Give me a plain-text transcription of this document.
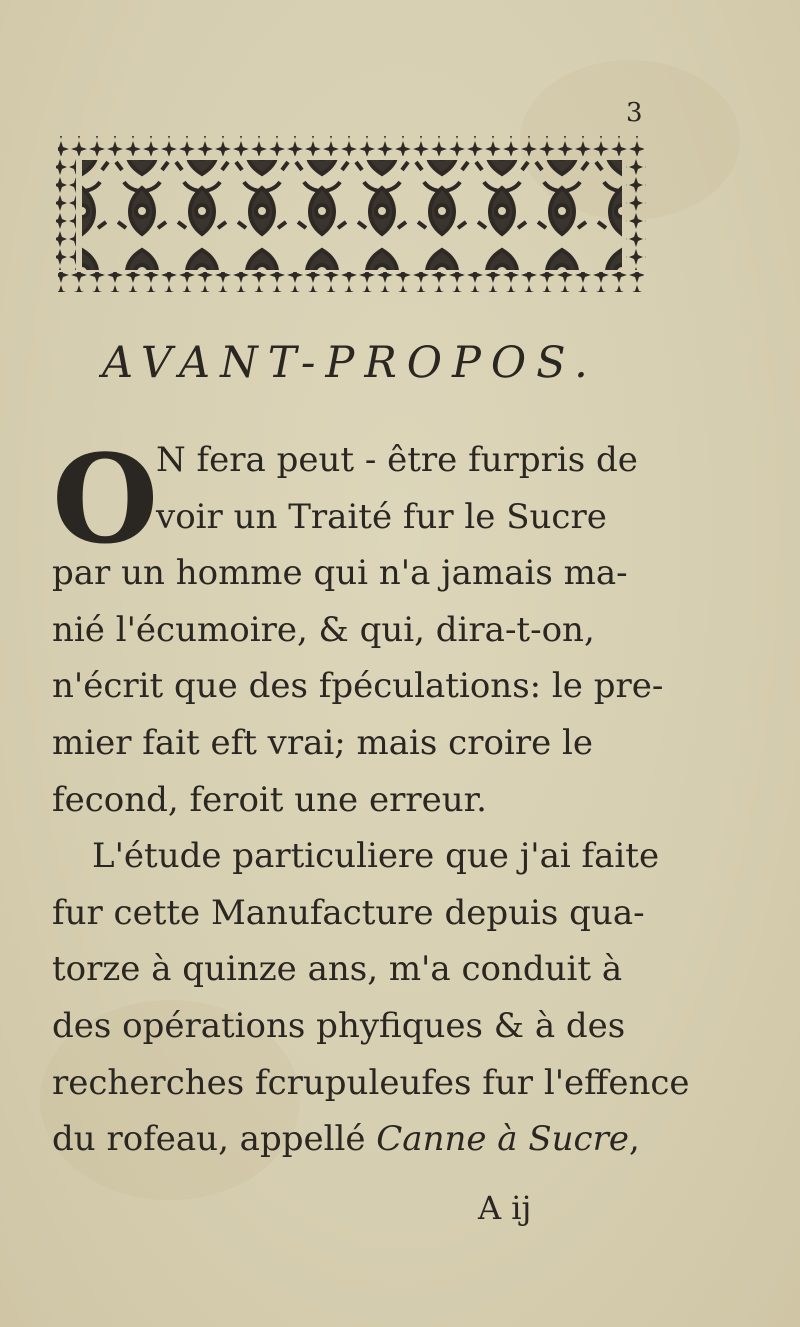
3
AVANT-PROPOS.
O
N fera peut - être furpris de
voir un Traité fur le Sucre
par un homme qui n'a jamais ma-
nié l'écumoire, & qui, dira-t-on,
n'écrit que des fpéculations: le pre-
mier fait eft vrai; mais croire le
fecond, feroit une erreur.
L'étude particuliere que j'ai faite
fur cette Manufacture depuis qua-
torze à quinze ans, m'a conduit à
des opérations phyfiques & à des
recherches fcrupuleufes fur l'effence
du rofeau, appellé Canne à Sucre,
A ij
